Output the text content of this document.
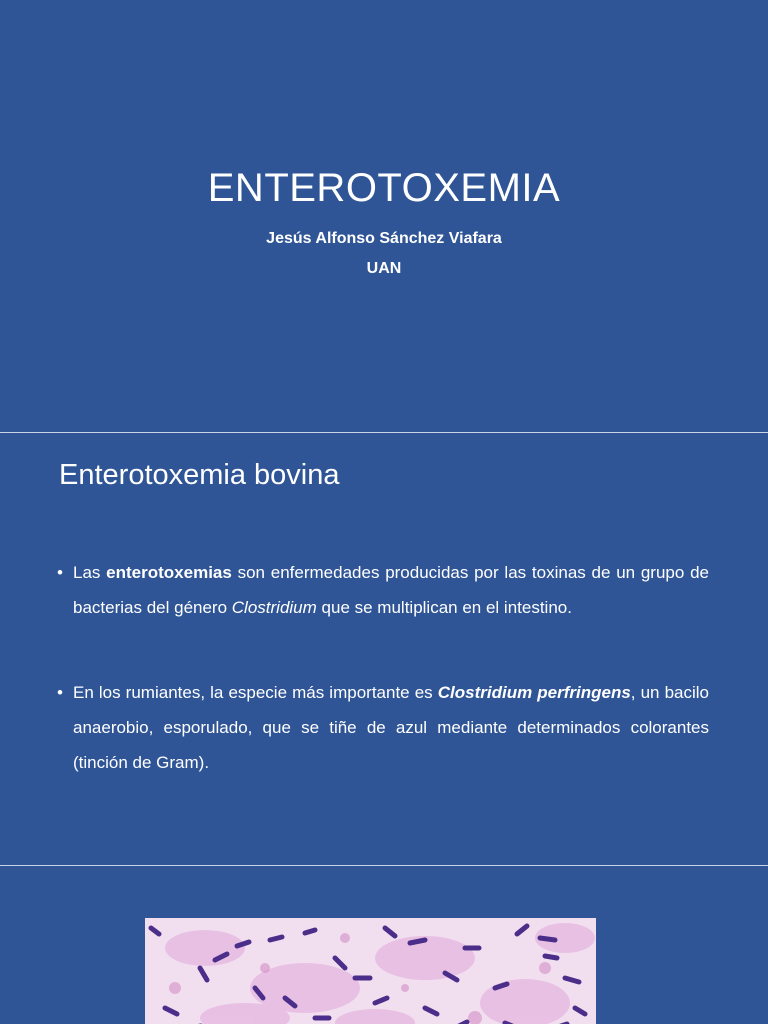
ENTEROTOXEMIA

Jesús Alfonso Sánchez Viafara

UAN

Enterotoxemia bovina
• Las enterotoxemias son enfermedades producidas por las toxinas de un grupo de bacterias del género Clostridium que se multiplican en el intestino.
• En los rumiantes, la especie más importante es Clostridium perfringens, un bacilo anaerobio, esporulado, que se tiñe de azul mediante determinados colorantes (tinción de Gram).
